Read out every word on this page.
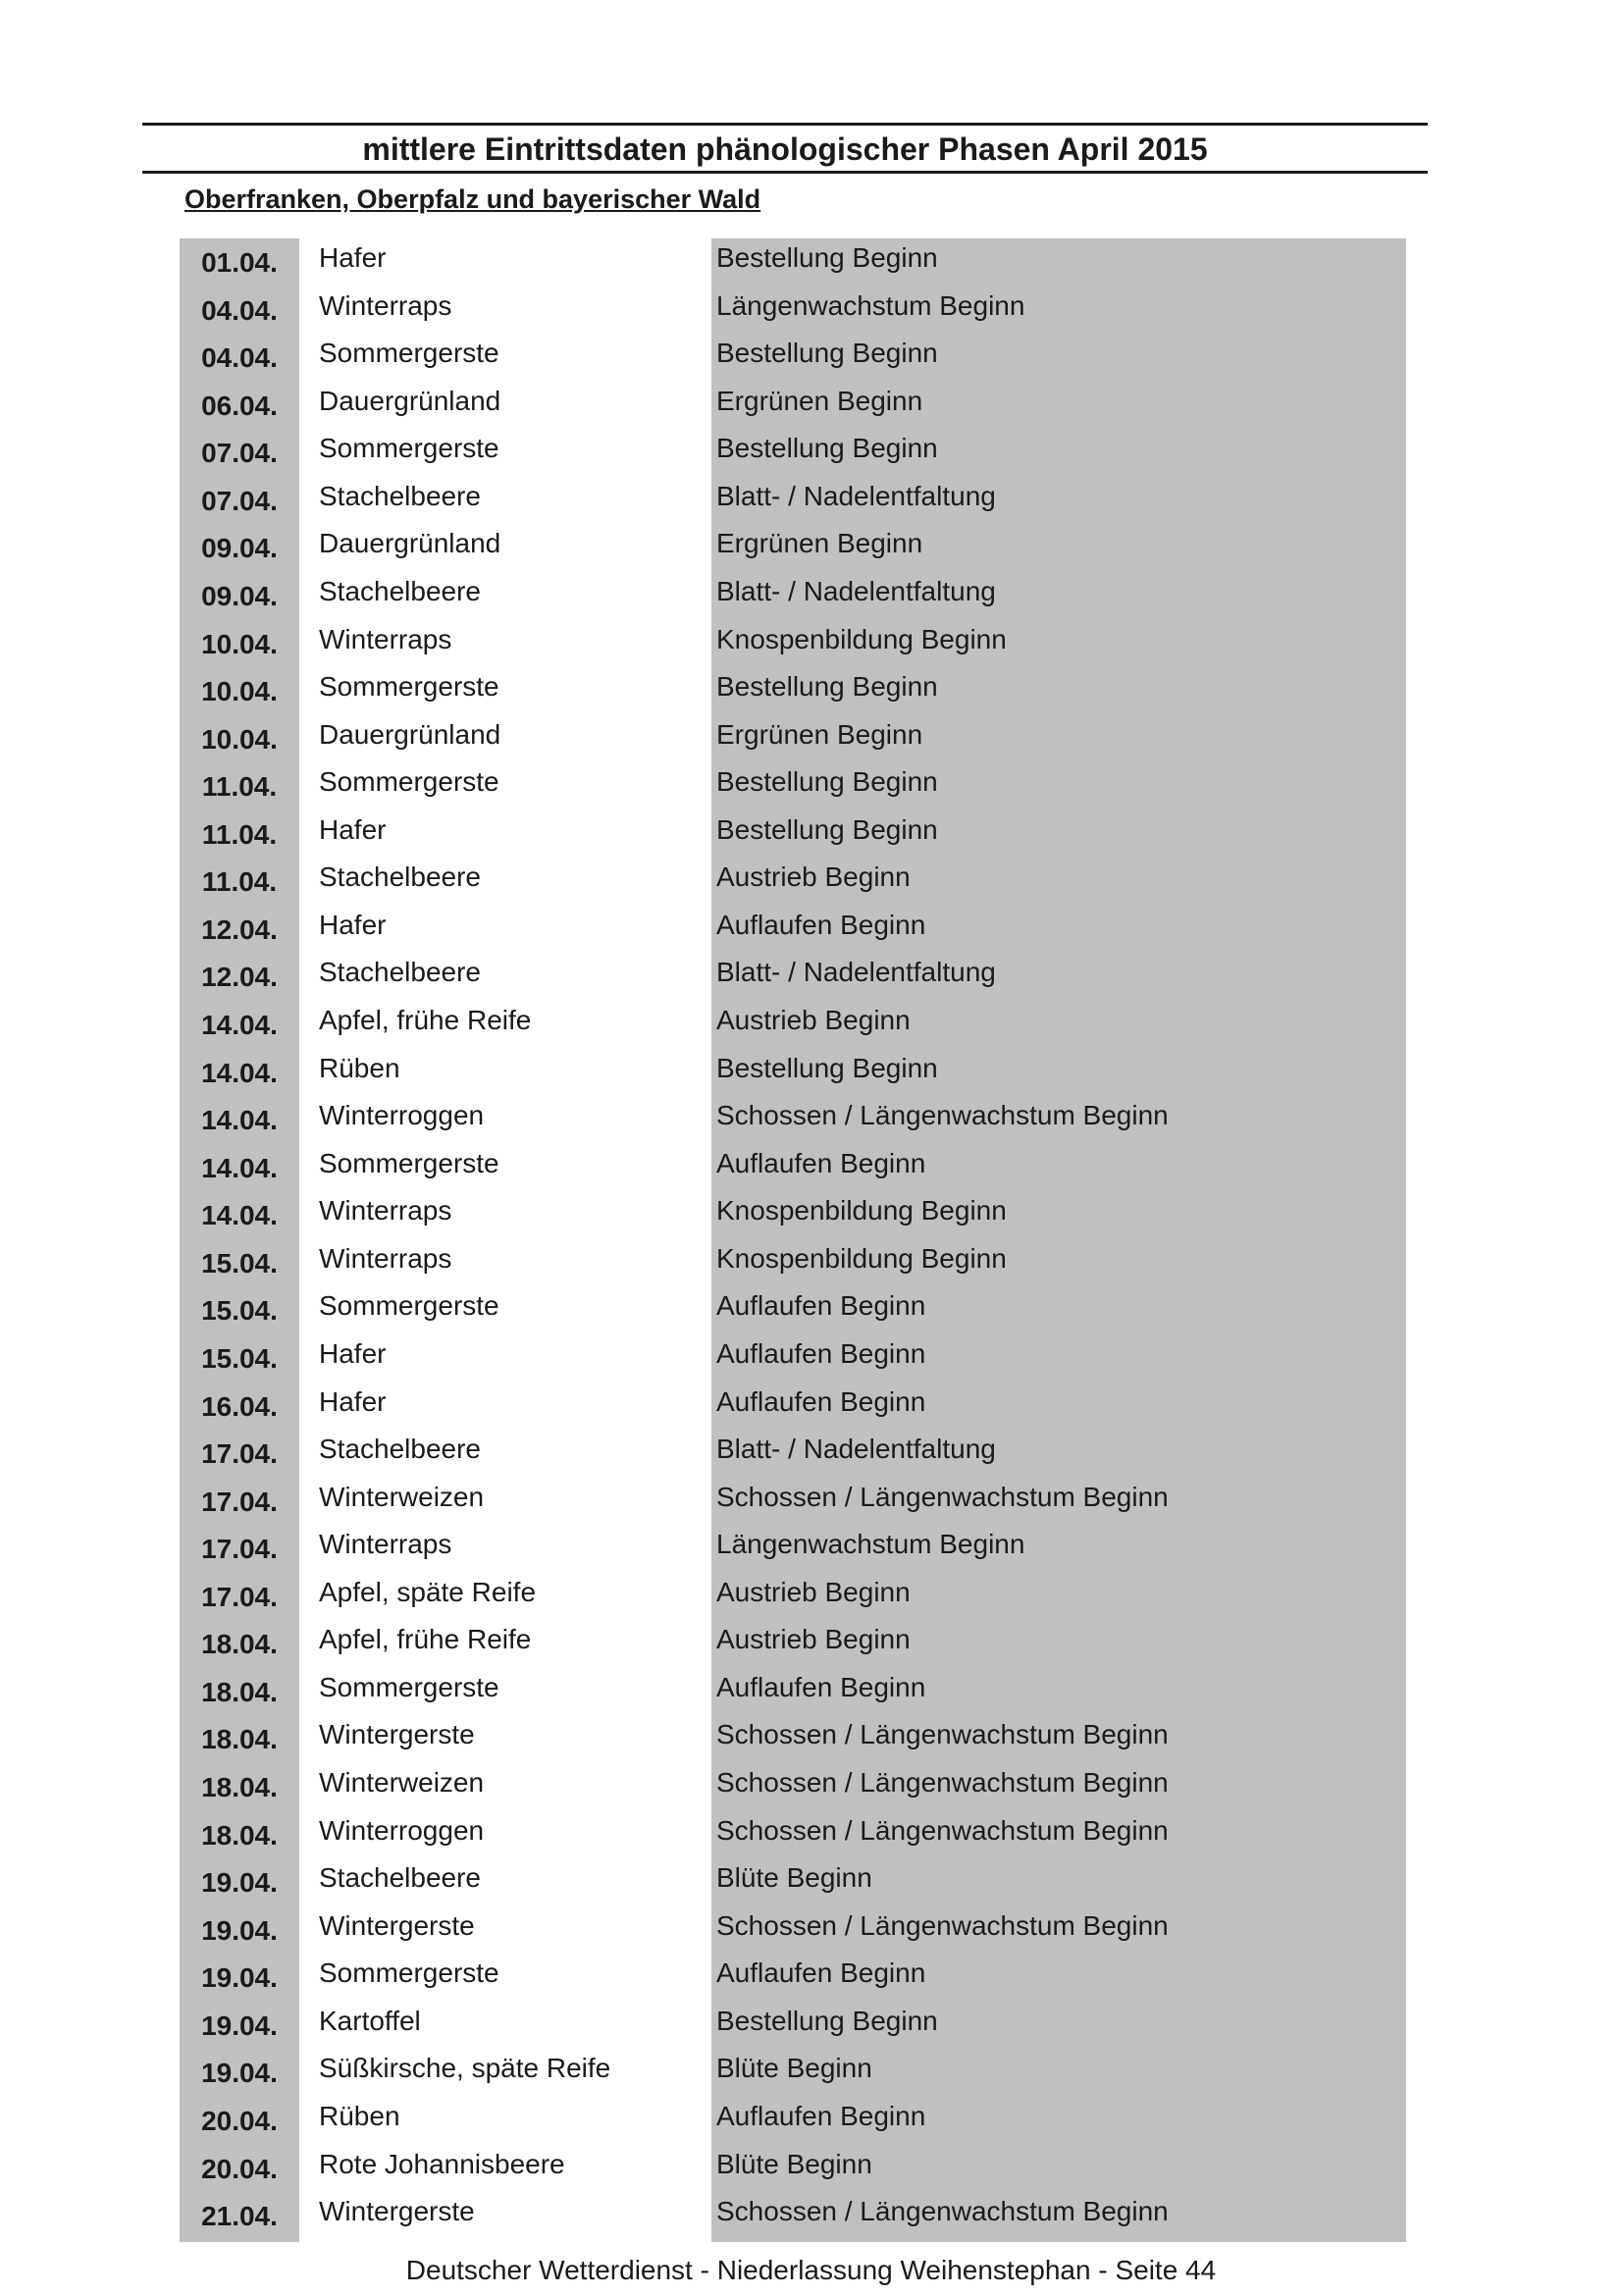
mittlere Eintrittsdaten phänologischer Phasen April 2015
Oberfranken, Oberpfalz und bayerischer Wald
01.04.	Hafer	Bestellung Beginn
04.04.	Winterraps	Längenwachstum Beginn
04.04.	Sommergerste	Bestellung Beginn
06.04.	Dauergrünland	Ergrünen Beginn
07.04.	Sommergerste	Bestellung Beginn
07.04.	Stachelbeere	Blatt- / Nadelentfaltung
09.04.	Dauergrünland	Ergrünen Beginn
09.04.	Stachelbeere	Blatt- / Nadelentfaltung
10.04.	Winterraps	Knospenbildung Beginn
10.04.	Sommergerste	Bestellung Beginn
10.04.	Dauergrünland	Ergrünen Beginn
11.04.	Sommergerste	Bestellung Beginn
11.04.	Hafer	Bestellung Beginn
11.04.	Stachelbeere	Austrieb Beginn
12.04.	Hafer	Auflaufen Beginn
12.04.	Stachelbeere	Blatt- / Nadelentfaltung
14.04.	Apfel, frühe Reife	Austrieb Beginn
14.04.	Rüben	Bestellung Beginn
14.04.	Winterroggen	Schossen / Längenwachstum Beginn
14.04.	Sommergerste	Auflaufen Beginn
14.04.	Winterraps	Knospenbildung Beginn
15.04.	Winterraps	Knospenbildung Beginn
15.04.	Sommergerste	Auflaufen Beginn
15.04.	Hafer	Auflaufen Beginn
16.04.	Hafer	Auflaufen Beginn
17.04.	Stachelbeere	Blatt- / Nadelentfaltung
17.04.	Winterweizen	Schossen / Längenwachstum Beginn
17.04.	Winterraps	Längenwachstum Beginn
17.04.	Apfel, späte Reife	Austrieb Beginn
18.04.	Apfel, frühe Reife	Austrieb Beginn
18.04.	Sommergerste	Auflaufen Beginn
18.04.	Wintergerste	Schossen / Längenwachstum Beginn
18.04.	Winterweizen	Schossen / Längenwachstum Beginn
18.04.	Winterroggen	Schossen / Längenwachstum Beginn
19.04.	Stachelbeere	Blüte Beginn
19.04.	Wintergerste	Schossen / Längenwachstum Beginn
19.04.	Sommergerste	Auflaufen Beginn
19.04.	Kartoffel	Bestellung Beginn
19.04.	Süßkirsche, späte Reife	Blüte Beginn
20.04.	Rüben	Auflaufen Beginn
20.04.	Rote Johannisbeere	Blüte Beginn
21.04.	Wintergerste	Schossen / Längenwachstum Beginn
Deutscher Wetterdienst - Niederlassung Weihenstephan - Seite 44
